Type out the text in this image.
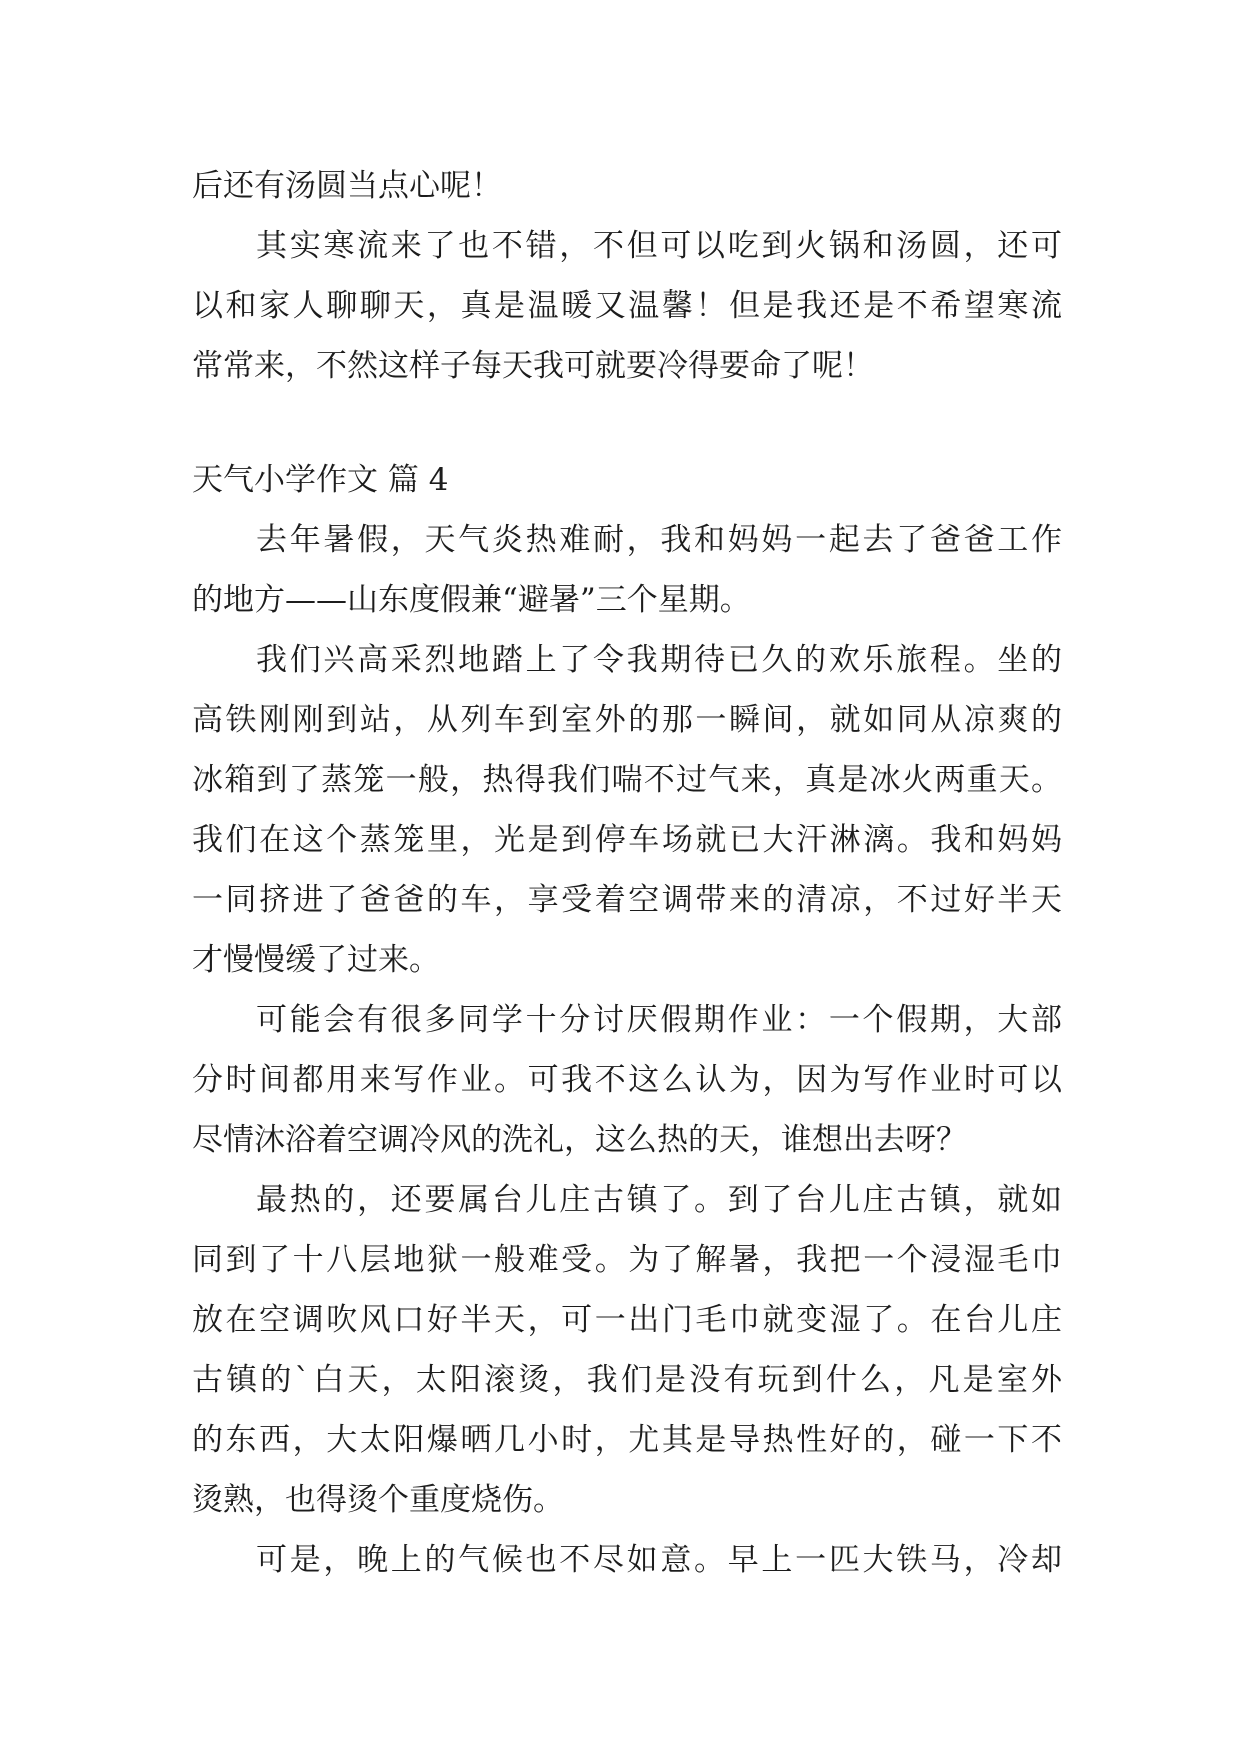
后还有汤圆当点心呢！
其实寒流来了也不错，不但可以吃到火锅和汤圆，还可
以和家人聊聊天，真是温暖又温馨！但是我还是不希望寒流
常常来，不然这样子每天我可就要冷得要命了呢！
天气小学作文 篇 4
去年暑假，天气炎热难耐，我和妈妈一起去了爸爸工作
的地方——山东度假兼“避暑”三个星期。
我们兴高采烈地踏上了令我期待已久的欢乐旅程。坐的
高铁刚刚到站，从列车到室外的那一瞬间，就如同从凉爽的
冰箱到了蒸笼一般，热得我们喘不过气来，真是冰火两重天。
我们在这个蒸笼里，光是到停车场就已大汗淋漓。我和妈妈
一同挤进了爸爸的车，享受着空调带来的清凉，不过好半天
才慢慢缓了过来。
可能会有很多同学十分讨厌假期作业：一个假期，大部
分时间都用来写作业。可我不这么认为，因为写作业时可以
尽情沐浴着空调冷风的洗礼，这么热的天，谁想出去呀？
最热的，还要属台儿庄古镇了。到了台儿庄古镇，就如
同到了十八层地狱一般难受。为了解暑，我把一个浸湿毛巾
放在空调吹风口好半天，可一出门毛巾就变湿了。在台儿庄
古镇的`白天，太阳滚烫，我们是没有玩到什么，凡是室外
的东西，大太阳爆晒几小时，尤其是导热性好的，碰一下不
烫熟，也得烫个重度烧伤。
可是，晚上的气候也不尽如意。早上一匹大铁马，冷却
